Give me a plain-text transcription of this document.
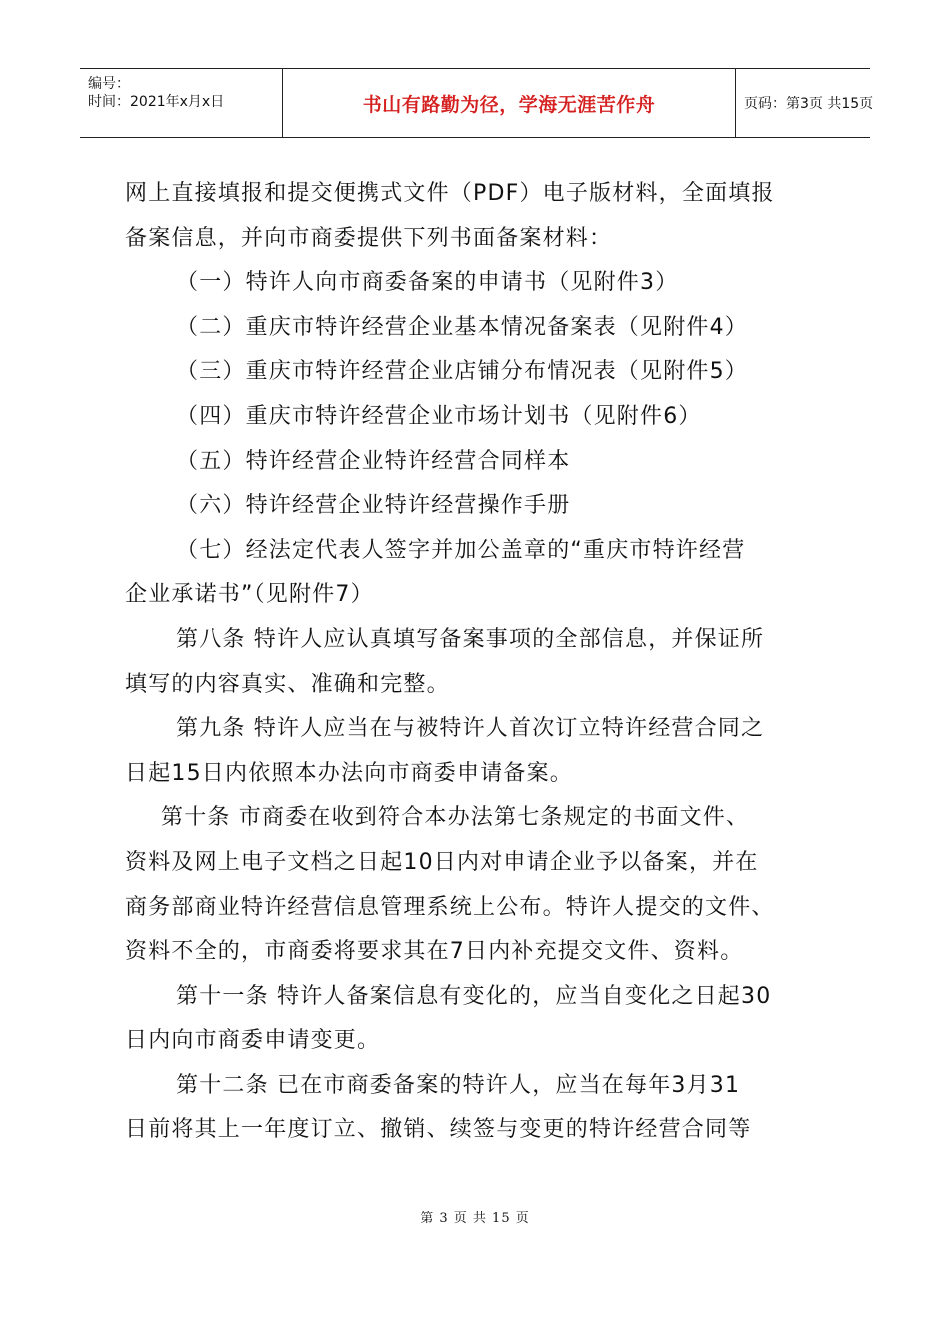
编号：
时间：2021年x月x日	书山有路勤为径，学海无涯苦作舟	页码：第3页 共15页
网上直接填报和提交便携式文件（PDF）电子版材料，全面填报
备案信息，并向市商委提供下列书面备案材料：
（一）特许人向市商委备案的申请书（见附件3）
（二）重庆市特许经营企业基本情况备案表（见附件4）
（三）重庆市特许经营企业店铺分布情况表（见附件5）
（四）重庆市特许经营企业市场计划书（见附件6）
（五）特许经营企业特许经营合同样本
（六）特许经营企业特许经营操作手册
（七）经法定代表人签字并加公盖章的“重庆市特许经营
企业承诺书”（见附件7）
第八条 特许人应认真填写备案事项的全部信息，并保证所
填写的内容真实、准确和完整。
第九条 特许人应当在与被特许人首次订立特许经营合同之
日起15日内依照本办法向市商委申请备案。
第十条 市商委在收到符合本办法第七条规定的书面文件、
资料及网上电子文档之日起10日内对申请企业予以备案，并在
商务部商业特许经营信息管理系统上公布。特许人提交的文件、
资料不全的，市商委将要求其在7日内补充提交文件、资料。
第十一条 特许人备案信息有变化的，应当自变化之日起30
日内向市商委申请变更。
第十二条 已在市商委备案的特许人，应当在每年3月31
日前将其上一年度订立、撤销、续签与变更的特许经营合同等
第 3 页 共 15 页
